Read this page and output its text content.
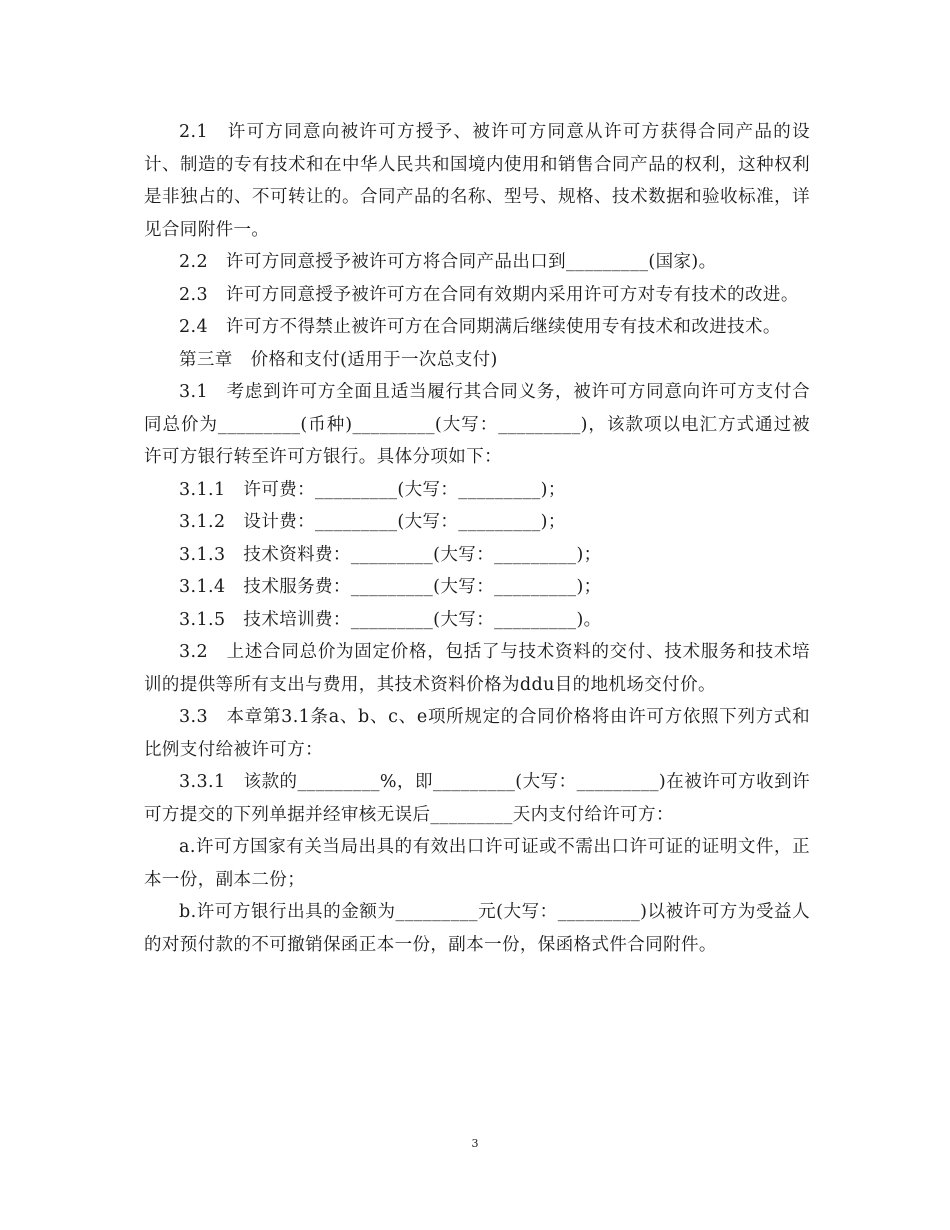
2.1　许可方同意向被许可方授予、被许可方同意从许可方获得合同产品的设计、制造的专有技术和在中华人民共和国境内使用和销售合同产品的权利，这种权利是非独占的、不可转让的。合同产品的名称、型号、规格、技术数据和验收标准，详见合同附件一。

2.2　许可方同意授予被许可方将合同产品出口到_________(国家)。

2.3　许可方同意授予被许可方在合同有效期内采用许可方对专有技术的改进。

2.4　许可方不得禁止被许可方在合同期满后继续使用专有技术和改进技术。

第三章　价格和支付(适用于一次总支付)

3.1　考虑到许可方全面且适当履行其合同义务，被许可方同意向许可方支付合同总价为_________(币种)_________(大写：_________)，该款项以电汇方式通过被许可方银行转至许可方银行。具体分项如下：

3.1.1　许可费：_________(大写：_________)；

3.1.2　设计费：_________(大写：_________)；

3.1.3　技术资料费：_________(大写：_________)；

3.1.4　技术服务费：_________(大写：_________)；

3.1.5　技术培训费：_________(大写：_________)。

3.2　上述合同总价为固定价格，包括了与技术资料的交付、技术服务和技术培训的提供等所有支出与费用，其技术资料价格为ddu目的地机场交付价。

3.3　本章第3.1条a、b、c、e项所规定的合同价格将由许可方依照下列方式和比例支付给被许可方：

3.3.1　该款的_________%，即_________(大写：_________)在被许可方收到许可方提交的下列单据并经审核无误后_________天内支付给许可方：

a.许可方国家有关当局出具的有效出口许可证或不需出口许可证的证明文件，正本一份，副本二份；

b.许可方银行出具的金额为_________元(大写：_________)以被许可方为受益人的对预付款的不可撤销保函正本一份，副本一份，保函格式件合同附件。

3
